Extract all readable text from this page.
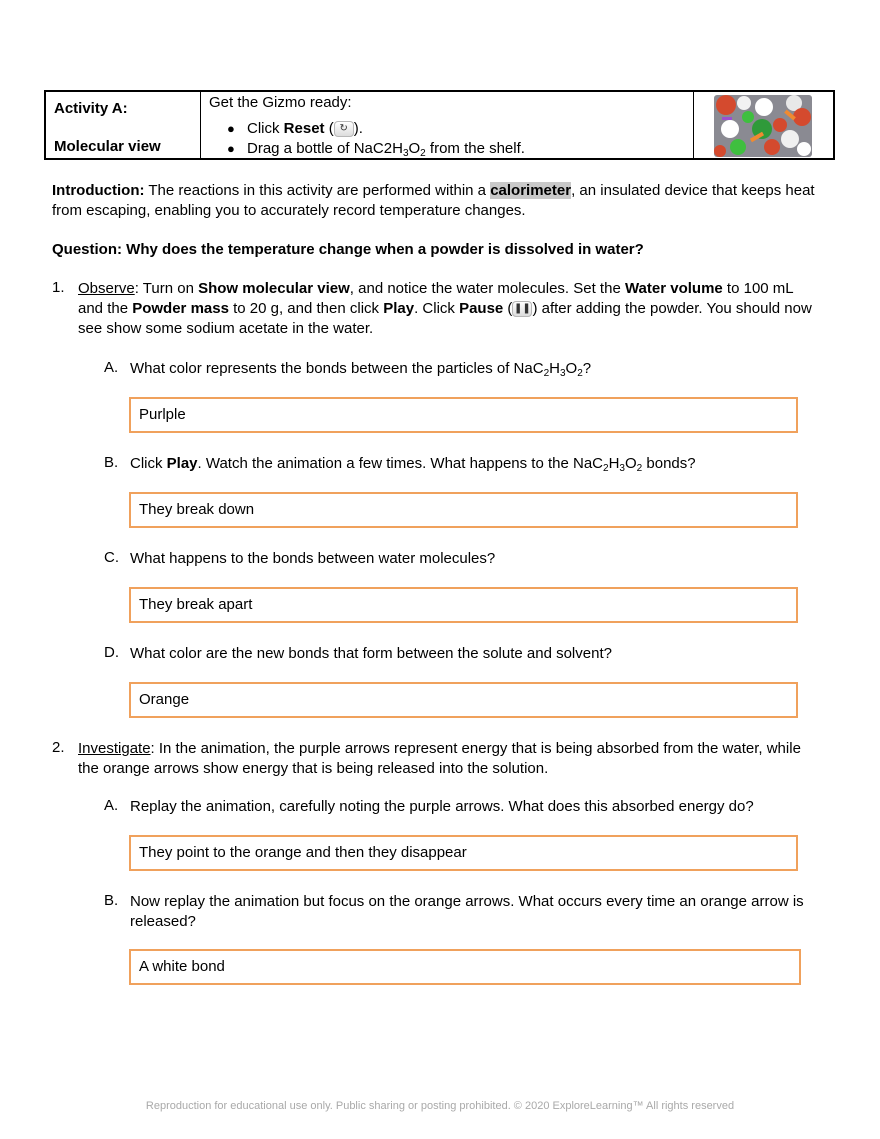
Activity A:
Molecular view

Get the Gizmo ready:

● Click Reset ( ↻ ).
● Drag a bottle of $NaC2H_3O_2$ from the shelf.

Introduction: The reactions in this activity are performed within a calorimeter, an insulated device that keeps heat from escaping, enabling you to accurately record temperature changes.

Question: Why does the temperature change when a powder is dissolved in water?

1. Observe: Turn on Show molecular view, and notice the water molecules. Set the Water volume to 100 mL and the Powder mass to 20 g, and then click Play. Click Pause ( ❚❚ ) after adding the powder. You should now see show some sodium acetate in the water.

A. What color represents the bonds between the particles of $NaC_2H_3O_2$?

Purlple
B. Click Play. Watch the animation a few times. What happens to the $NaC_2H_3O_2$ bonds?

They break down
C. What happens to the bonds between water molecules?

They break apart
D. What color are the new bonds that form between the solute and solvent?

Orange
2. Investigate: In the animation, the purple arrows represent energy that is being absorbed from the water, while the orange arrows show energy that is being released into the solution.

A. Replay the animation, carefully noting the purple arrows. What does this absorbed energy do?

They point to the orange and then they disappear
B. Now replay the animation but focus on the orange arrows. What occurs every time an orange arrow is released?

A white bond
Reproduction for educational use only. Public sharing or posting prohibited. © 2020 ExploreLearning™ All rights reserved
